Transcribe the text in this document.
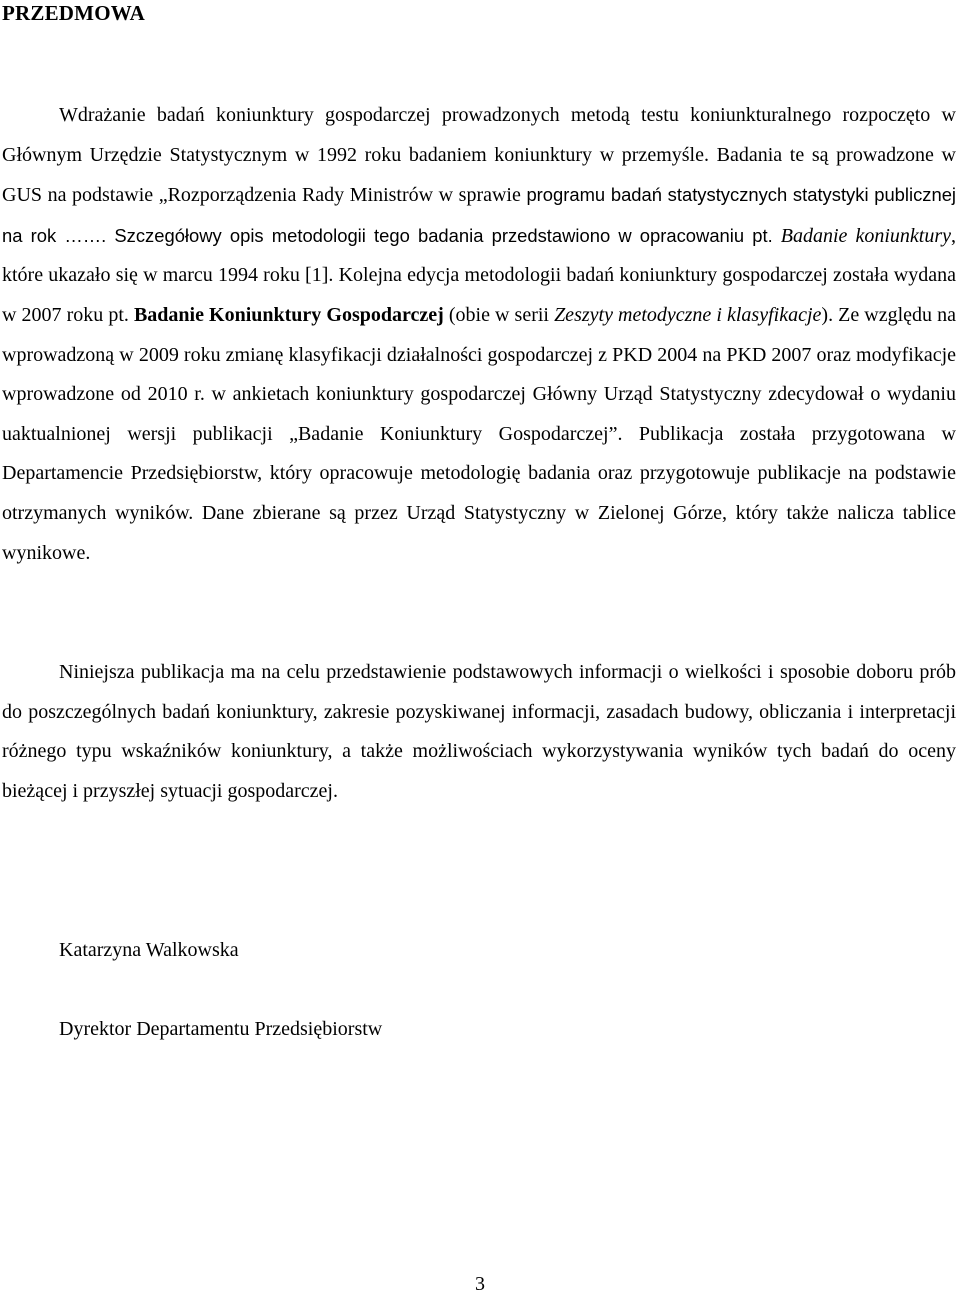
PRZEDMOWA

Wdrażanie badań koniunktury gospodarczej prowadzonych metodą testu koniunkturalnego rozpoczęto w Głównym Urzędzie Statystycznym w 1992 roku badaniem koniunktury w przemyśle. Badania te są prowadzone w GUS na podstawie „Rozporządzenia Rady Ministrów w sprawie programu badań statystycznych statystyki publicznej na rok ……. Szczegółowy opis metodologii tego badania przedstawiono w opracowaniu pt. Badanie koniunktury, które ukazało się w marcu 1994 roku [1]. Kolejna edycja metodologii badań koniunktury gospodarczej została wydana w 2007 roku pt. Badanie Koniunktury Gospodarczej (obie w serii Zeszyty metodyczne i klasyfikacje). Ze względu na wprowadzoną w 2009 roku zmianę klasyfikacji działalności gospodarczej z PKD 2004 na PKD 2007 oraz modyfikacje wprowadzone od 2010 r. w ankietach koniunktury gospodarczej Główny Urząd Statystyczny zdecydował o wydaniu uaktualnionej wersji publikacji „Badanie Koniunktury Gospodarczej”. Publikacja została przygotowana w Departamencie Przedsiębiorstw, który opracowuje metodologię badania oraz przygotowuje publikacje na podstawie otrzymanych wyników. Dane zbierane są przez Urząd Statystyczny w Zielonej Górze, który także nalicza tablice wynikowe.

Niniejsza publikacja ma na celu przedstawienie podstawowych informacji o wielkości i sposobie doboru prób do poszczególnych badań koniunktury, zakresie pozyskiwanej informacji, zasadach budowy, obliczania i interpretacji różnego typu wskaźników koniunktury, a także możliwościach wykorzystywania wyników tych badań do oceny bieżącej i przyszłej sytuacji gospodarczej.

Katarzyna Walkowska

Dyrektor Departamentu Przedsiębiorstw

3
